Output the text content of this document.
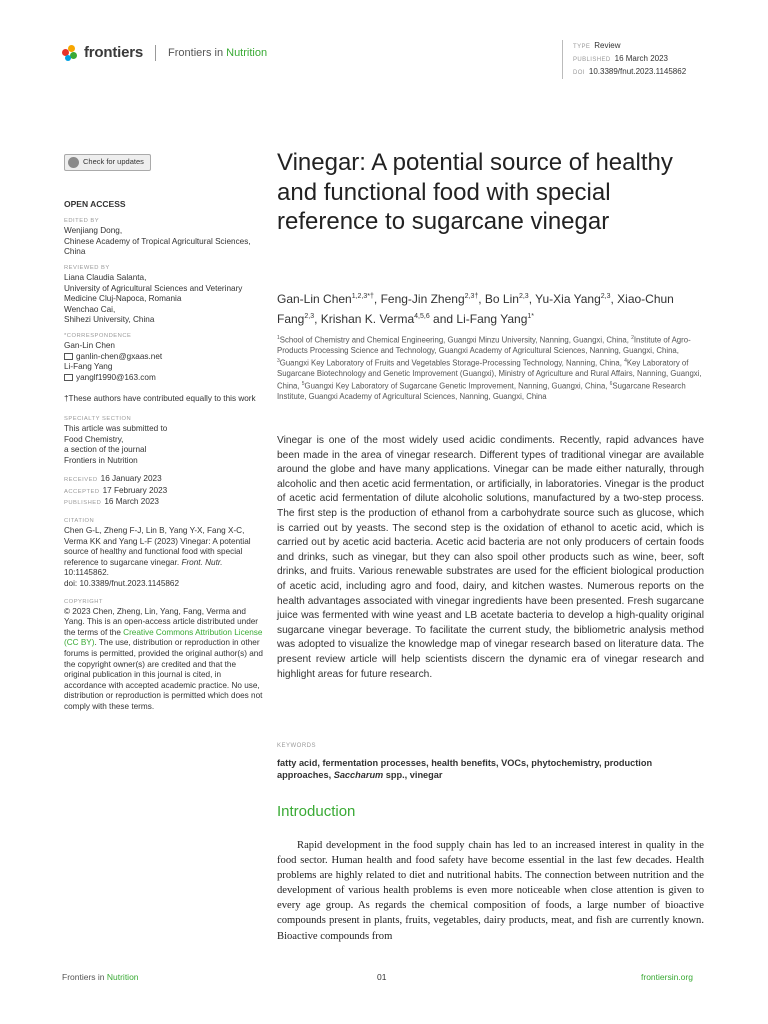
frontiers Frontiers in Nutrition	TYPE Review
PUBLISHED 16 March 2023
DOI 10.3389/fnut.2023.1145862
Check for updates
OPEN ACCESS
EDITED BY
Wenjiang Dong,
Chinese Academy of Tropical Agricultural Sciences, China
REVIEWED BY
Liana Claudia Salanta,
University of Agricultural Sciences and Veterinary Medicine Cluj-Napoca, Romania
Wenchao Cai,
Shihezi University, China
*CORRESPONDENCE
Gan-Lin Chen
ganlin-chen@gxaas.net
Li-Fang Yang
yanglf1990@163.com
†These authors have contributed equally to this work
SPECIALTY SECTION
This article was submitted to
Food Chemistry,
a section of the journal
Frontiers in Nutrition
RECEIVED 16 January 2023
ACCEPTED 17 February 2023
PUBLISHED 16 March 2023
CITATION
Chen G-L, Zheng F-J, Lin B, Yang Y-X, Fang X-C, Verma KK and Yang L-F (2023) Vinegar: A potential source of healthy and functional food with special reference to sugarcane vinegar. Front. Nutr. 10:1145862.
doi: 10.3389/fnut.2023.1145862
COPYRIGHT
© 2023 Chen, Zheng, Lin, Yang, Fang, Verma and Yang. This is an open-access article distributed under the terms of the Creative Commons Attribution License (CC BY). The use, distribution or reproduction in other forums is permitted, provided the original author(s) and the copyright owner(s) are credited and that the original publication in this journal is cited, in accordance with accepted academic practice. No use, distribution or reproduction is permitted which does not comply with these terms.
Vinegar: A potential source of healthy and functional food with special reference to sugarcane vinegar
Gan-Lin Chen$^{1,2,3*\dagger}$, Feng-Jin Zheng$^{2,3\dagger}$, Bo Lin$^{2,3}$, Yu-Xia Yang$^{2,3}$, Xiao-Chun Fang$^{2,3}$, Krishan K. Verma$^{4,5,6}$ and Li-Fang Yang$^{1*}$
$^1$School of Chemistry and Chemical Engineering, Guangxi Minzu University, Nanning, Guangxi, China, $^2$Institute of Agro-Products Processing Science and Technology, Guangxi Academy of Agricultural Sciences, Nanning, Guangxi, China, $^3$Guangxi Key Laboratory of Fruits and Vegetables Storage-Processing Technology, Nanning, China, $^4$Key Laboratory of Sugarcane Biotechnology and Genetic Improvement (Guangxi), Ministry of Agriculture and Rural Affairs, Nanning, Guangxi, China, $^5$Guangxi Key Laboratory of Sugarcane Genetic Improvement, Nanning, Guangxi, China, $^6$Sugarcane Research Institute, Guangxi Academy of Agricultural Sciences, Nanning, Guangxi, China
Vinegar is one of the most widely used acidic condiments. Recently, rapid advances have been made in the area of vinegar research. Different types of traditional vinegar are available around the globe and have many applications. Vinegar can be made either naturally, through alcoholic and then acetic acid fermentation, or artificially, in laboratories. Vinegar is the product of acetic acid fermentation of dilute alcoholic solutions, manufactured by a two-step process. The first step is the production of ethanol from a carbohydrate source such as glucose, which is carried out by yeasts. The second step is the oxidation of ethanol to acetic acid, which is carried out by acetic acid bacteria. Acetic acid bacteria are not only producers of certain foods and drinks, such as vinegar, but they can also spoil other products such as wine, beer, soft drinks, and fruits. Various renewable substrates are used for the efficient biological production of acetic acid, including agro and food, dairy, and kitchen wastes. Numerous reports on the health advantages associated with vinegar ingredients have been presented. Fresh sugarcane juice was fermented with wine yeast and LB acetate bacteria to develop a high-quality original sugarcane vinegar beverage. To facilitate the current study, the bibliometric analysis method was adopted to visualize the knowledge map of vinegar research based on literature data. The present review article will help scientists discern the dynamic era of vinegar research and highlight areas for future research.
KEYWORDS
fatty acid, fermentation processes, health benefits, VOCs, phytochemistry, production approaches, Saccharum spp., vinegar
Introduction
Rapid development in the food supply chain has led to an increased interest in quality in the food sector. Human health and food safety have become essential in the last few decades. Health problems are highly related to diet and nutritional habits. The connection between nutrition and the development of various health problems is even more noticeable when close attention is given to every age group. As regards the chemical composition of foods, a large number of bioactive compounds present in plants, fruits, vegetables, dairy products, meat, and fish are currently known. Bioactive compounds from
Frontiers in Nutrition	01	frontiersin.org
